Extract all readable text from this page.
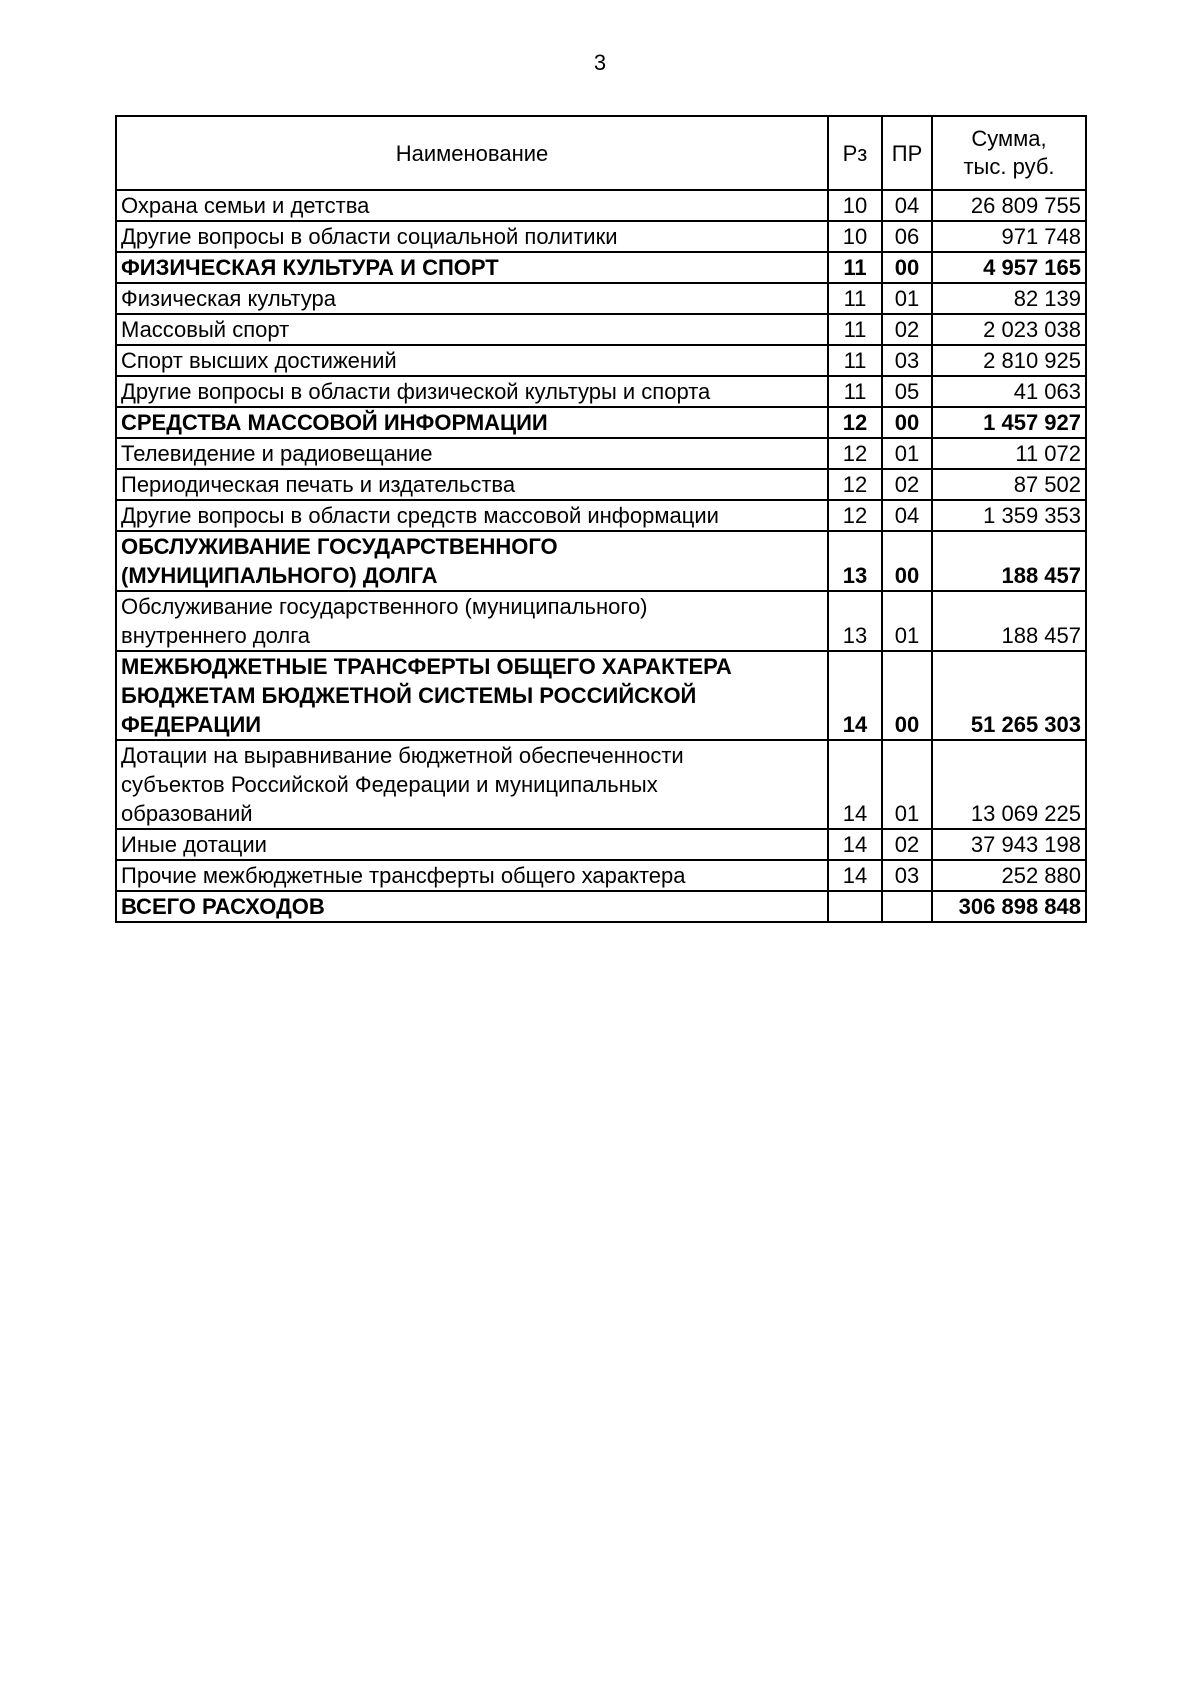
3
Наименование	Рз	ПР	Сумма,
тыс. руб.

Охрана семьи и детства	10	04	26 809 755

Другие вопросы в области социальной политики	10	06	971 748

ФИЗИЧЕСКАЯ КУЛЬТУРА И СПОРТ	11	00	4 957 165

Физическая культура	11	01	82 139

Массовый спорт	11	02	2 023 038

Спорт высших достижений	11	03	2 810 925

Другие вопросы в области физической культуры и спорта	11	05	41 063

СРЕДСТВА МАССОВОЙ ИНФОРМАЦИИ	12	00	1 457 927

Телевидение и радиовещание	12	01	11 072

Периодическая печать и издательства	12	02	87 502

Другие вопросы в области средств массовой информации	12	04	1 359 353

ОБСЛУЖИВАНИЕ ГОСУДАРСТВЕННОГО
(МУНИЦИПАЛЬНОГО) ДОЛГА	13	00	188 457

Обслуживание государственного (муниципального)
внутреннего долга	13	01	188 457

МЕЖБЮДЖЕТНЫЕ ТРАНСФЕРТЫ ОБЩЕГО ХАРАКТЕРА
БЮДЖЕТАМ БЮДЖЕТНОЙ СИСТЕМЫ РОССИЙСКОЙ
ФЕДЕРАЦИИ	14	00	51 265 303

Дотации на выравнивание бюджетной обеспеченности
субъектов Российской Федерации и муниципальных
образований	14	01	13 069 225

Иные дотации	14	02	37 943 198

Прочие межбюджетные трансферты общего характера	14	03	252 880

ВСЕГО РАСХОДОВ			306 898 848
